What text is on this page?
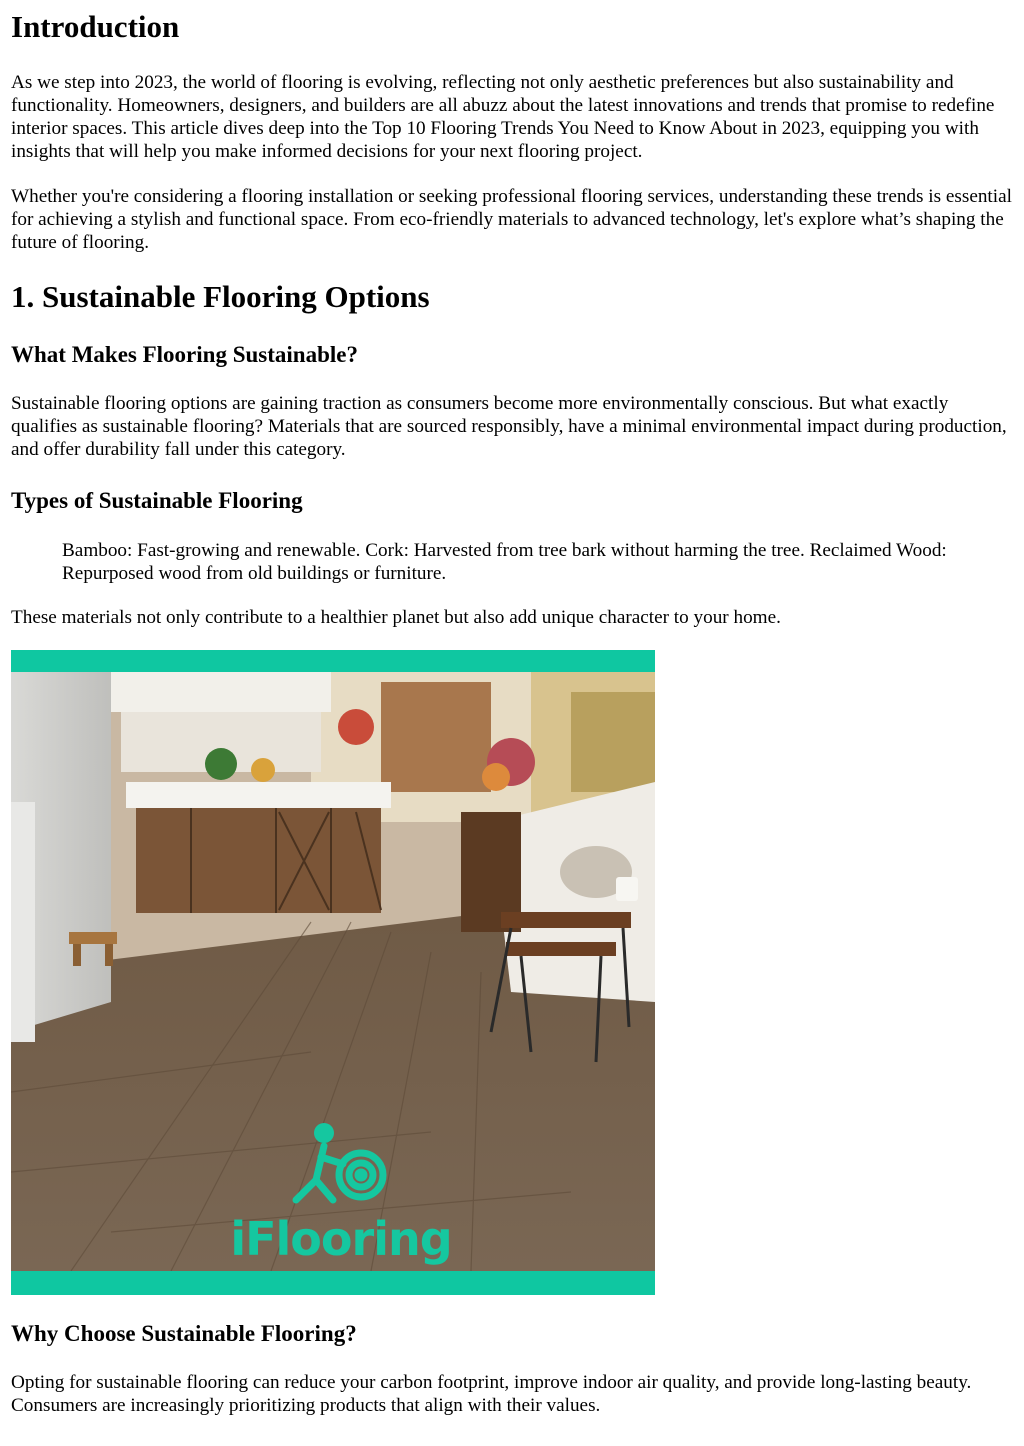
Introduction

As we step into 2023, the world of flooring is evolving, reflecting not only aesthetic preferences but also sustainability and functionality. Homeowners, designers, and builders are all abuzz about the latest innovations and trends that promise to redefine interior spaces. This article dives deep into the Top 10 Flooring Trends You Need to Know About in 2023, equipping you with insights that will help you make informed decisions for your next flooring project.

Whether you're considering a flooring installation or seeking professional flooring services, understanding these trends is essential for achieving a stylish and functional space. From eco-friendly materials to advanced technology, let's explore what’s shaping the future of flooring.

1. Sustainable Flooring Options
What Makes Flooring Sustainable?

Sustainable flooring options are gaining traction as consumers become more environmentally conscious. But what exactly qualifies as sustainable flooring? Materials that are sourced responsibly, have a minimal environmental impact during production, and offer durability fall under this category.

Types of Sustainable Flooring

Bamboo: Fast-growing and renewable. Cork: Harvested from tree bark without harming the tree. Reclaimed Wood: Repurposed wood from old buildings or furniture.

These materials not only contribute to a healthier planet but also add unique character to your home.

iFlooring
Why Choose Sustainable Flooring?

Opting for sustainable flooring can reduce your carbon footprint, improve indoor air quality, and provide long-lasting beauty. Consumers are increasingly prioritizing products that align with their values.
